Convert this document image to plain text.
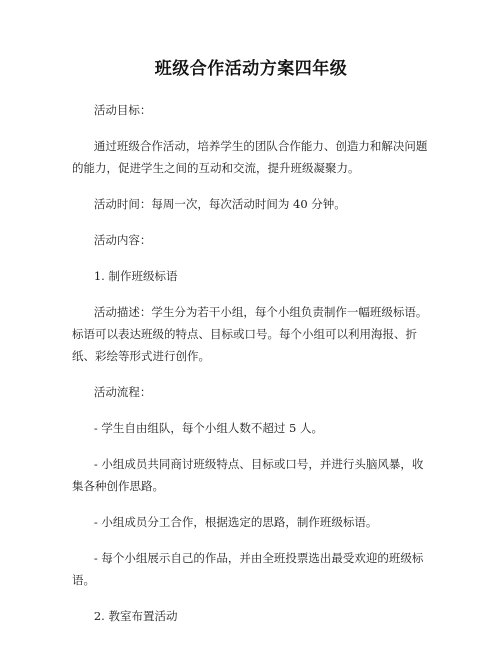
班级合作活动方案四年级

活动目标：

通过班级合作活动，培养学生的团队合作能力、创造力和解决问题的能力，促进学生之间的互动和交流，提升班级凝聚力。

活动时间：每周一次，每次活动时间为 40 分钟。

活动内容：

1. 制作班级标语

活动描述：学生分为若干小组，每个小组负责制作一幅班级标语。标语可以表达班级的特点、目标或口号。每个小组可以利用海报、折纸、彩绘等形式进行创作。

活动流程：

- 学生自由组队，每个小组人数不超过 5 人。

- 小组成员共同商讨班级特点、目标或口号，并进行头脑风暴，收集各种创作思路。

- 小组成员分工合作，根据选定的思路，制作班级标语。

- 每个小组展示自己的作品，并由全班投票选出最受欢迎的班级标语。

2. 教室布置活动
